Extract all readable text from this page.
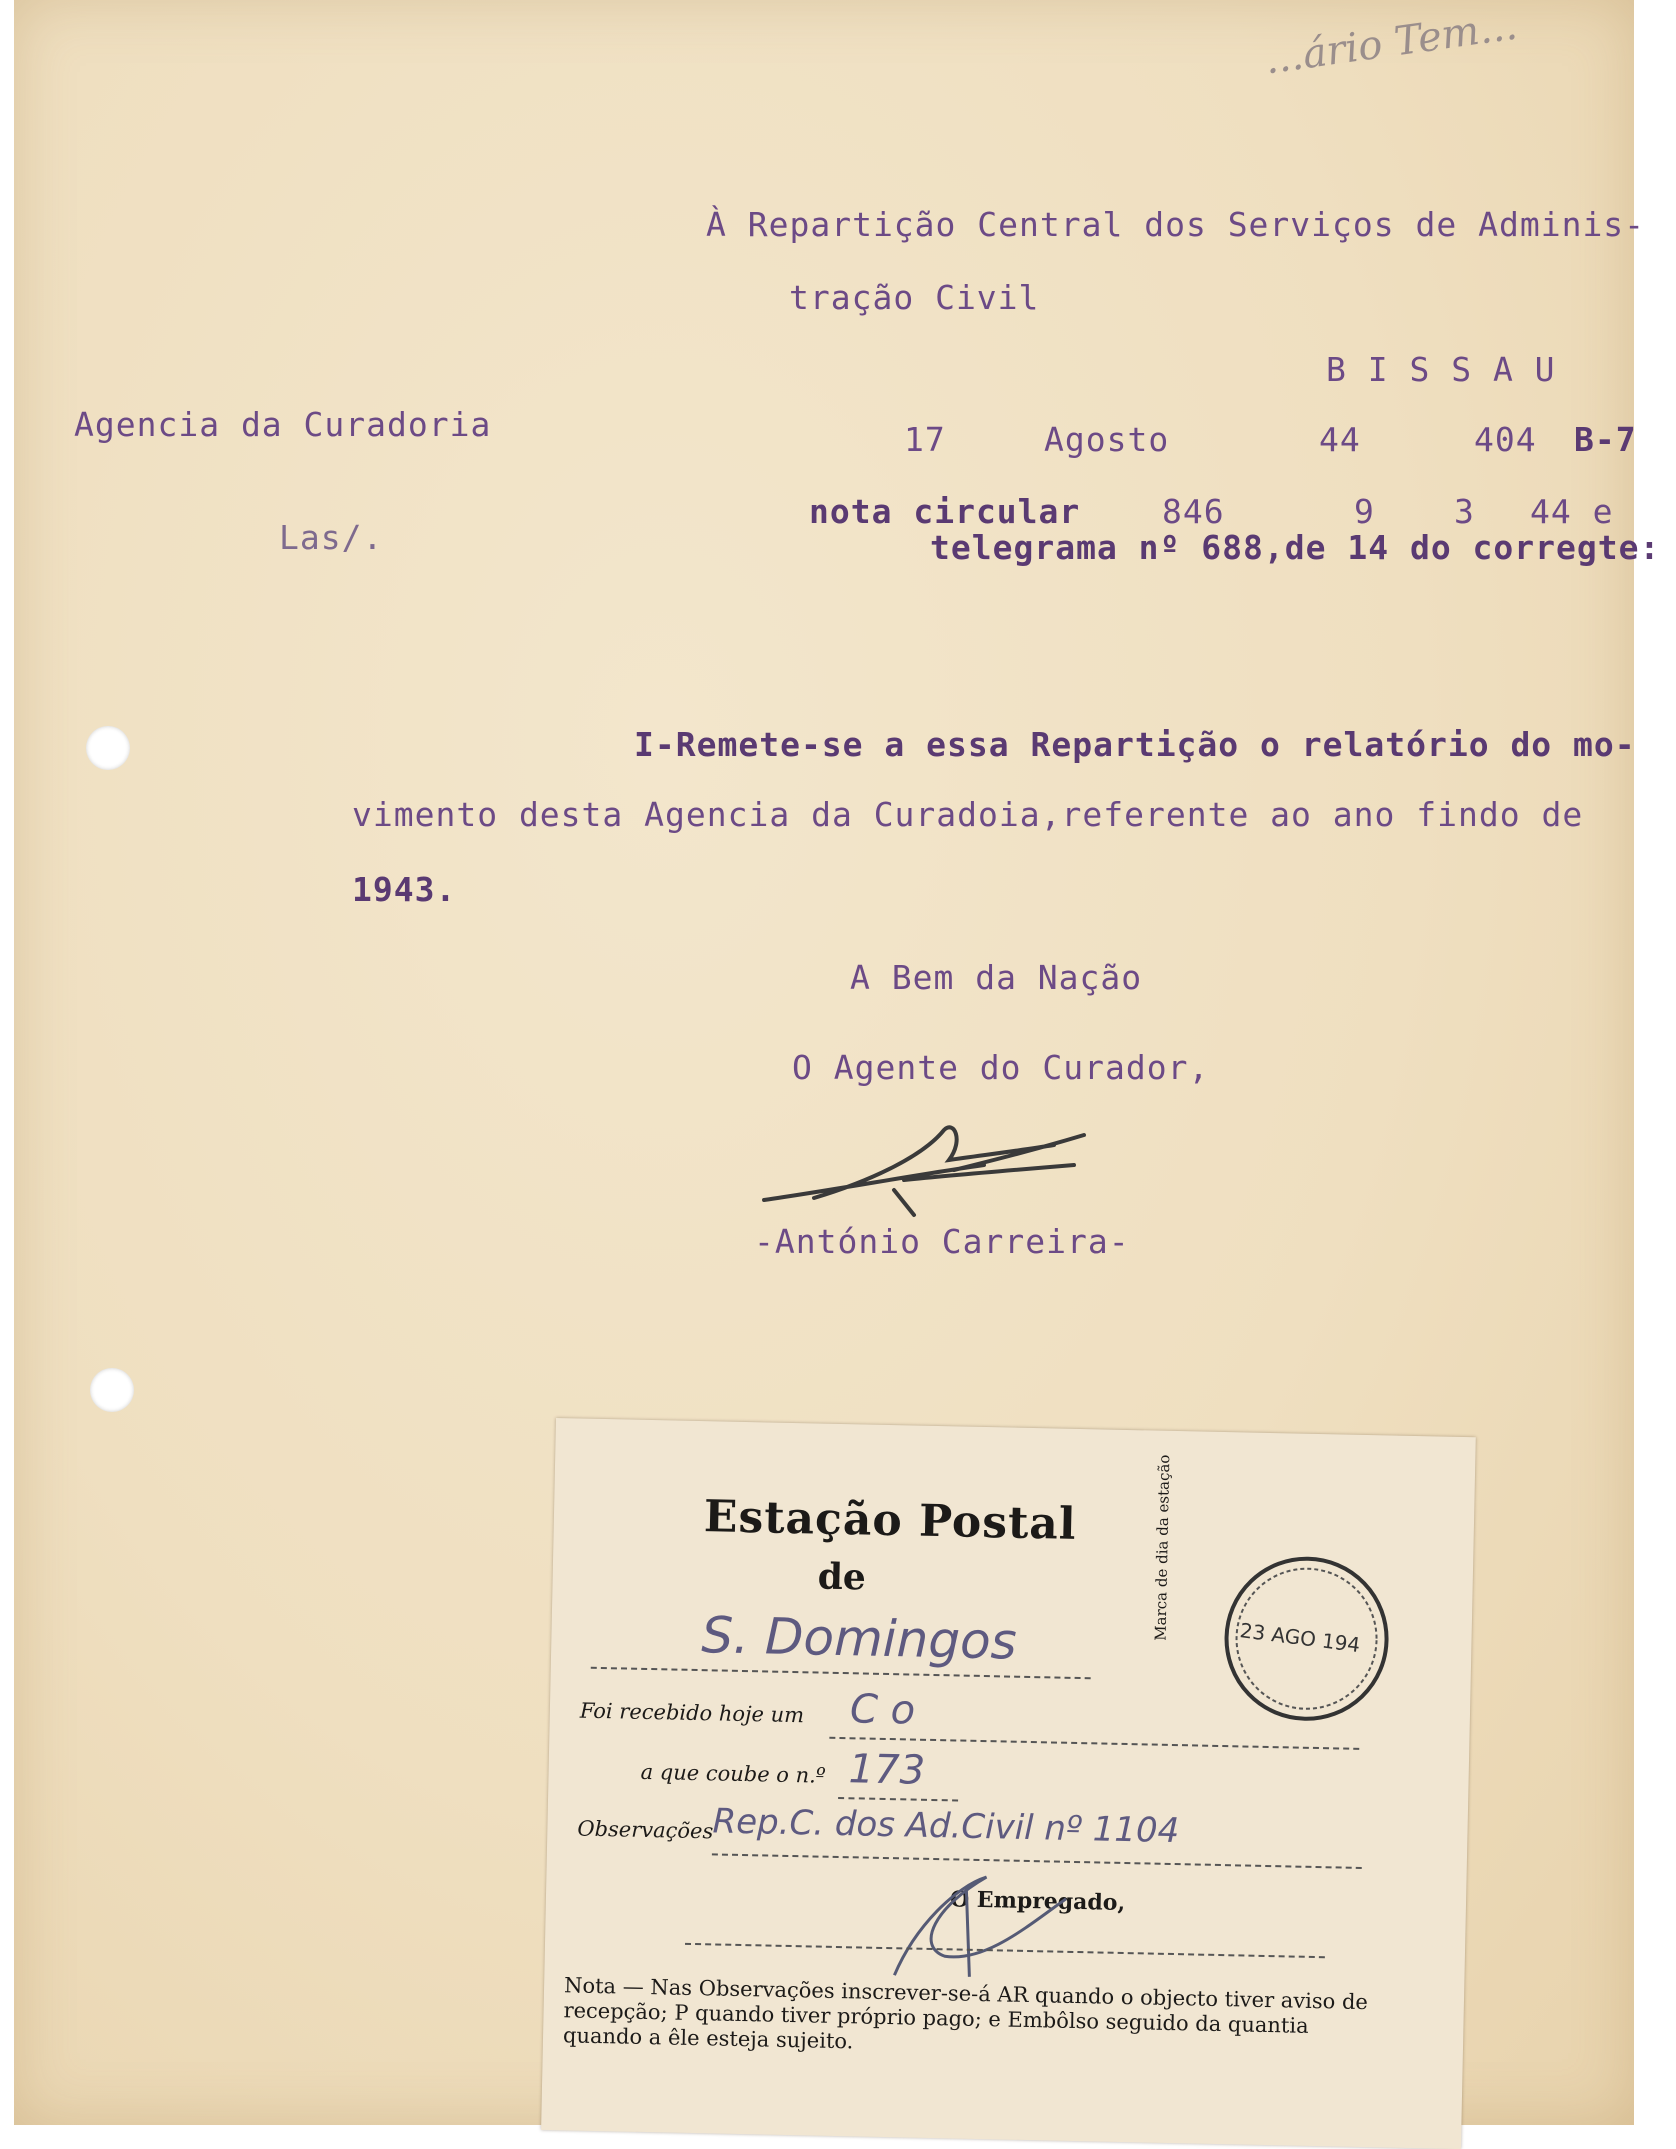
...ário Tem...
À Repartição Central dos Serviços de Adminis-
tração Civil
B I S S A U
Agencia da Curadoria	17	Agosto	44	404 B-7
nota circular 846	9 3 44 e
telegrama nº 688,de 14 do corregte:
Las/.
I-Remete-se a essa Repartição o relatório do mo-
vimento desta Agencia da Curadoia,referente ao ano findo de
1943.
A Bem da Nação
O Agente do Curador,
-António Carreira-
Estação Postal
de
S. Domingos
Foi recebido hoje um C o
a que coube o n.º 173
Observações
Rep.C. dos Ad.Civil nº 1104
O Empregado,
Nota — Nas Observações inscrever-se-á AR quando o objecto tiver aviso de recepção; P quando tiver próprio pago; e Embôlso seguido da quantia quando a êle esteja sujeito.
Marca de dia da estação	23 AGO 194
